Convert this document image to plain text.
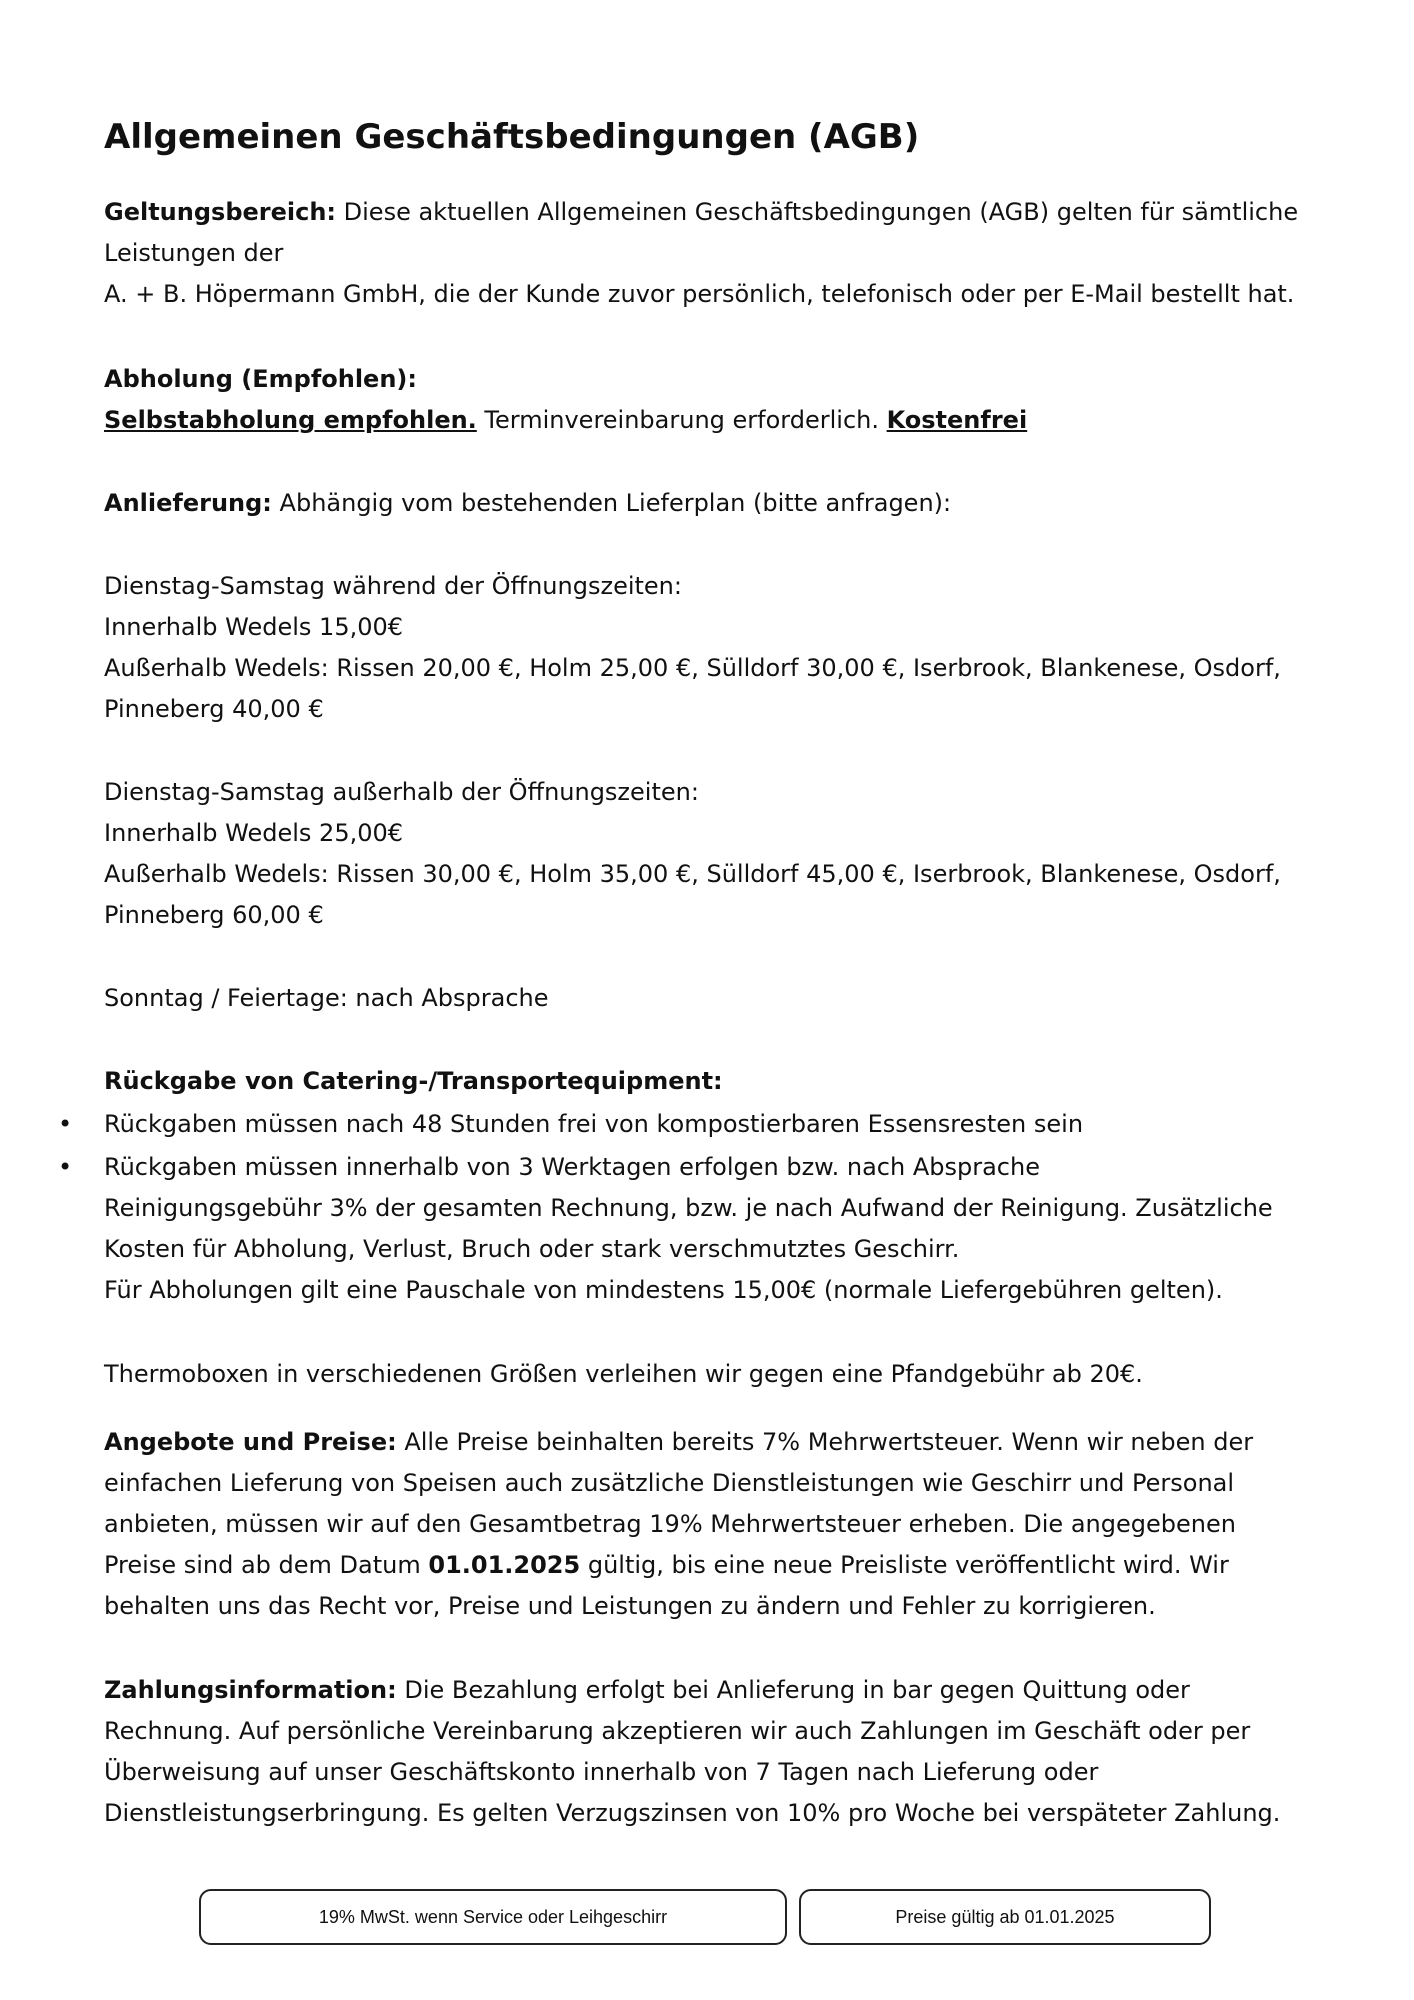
Allgemeinen Geschäftsbedingungen (AGB)

Geltungsbereich: Diese aktuellen Allgemeinen Geschäftsbedingungen (AGB) gelten für sämtliche

Leistungen der

A. + B. Höpermann GmbH, die der Kunde zuvor persönlich, telefonisch oder per E-Mail bestellt hat.

Abholung (Empfohlen):

Selbstabholung empfohlen. Terminvereinbarung erforderlich. Kostenfrei

Anlieferung: Abhängig vom bestehenden Lieferplan (bitte anfragen):

Dienstag-Samstag während der Öffnungszeiten:

Innerhalb Wedels 15,00€

Außerhalb Wedels: Rissen 20,00 €, Holm 25,00 €, Sülldorf 30,00 €, Iserbrook, Blankenese, Osdorf,

Pinneberg 40,00 €

Dienstag-Samstag außerhalb der Öffnungszeiten:

Innerhalb Wedels 25,00€

Außerhalb Wedels: Rissen 30,00 €, Holm 35,00 €, Sülldorf 45,00 €, Iserbrook, Blankenese, Osdorf,

Pinneberg 60,00 €

Sonntag / Feiertage: nach Absprache

Rückgabe von Catering-/Transportequipment:

• Rückgaben müssen nach 48 Stunden frei von kompostierbaren Essensresten sein

• Rückgaben müssen innerhalb von 3 Werktagen erfolgen bzw. nach Absprache

Reinigungsgebühr 3% der gesamten Rechnung, bzw. je nach Aufwand der Reinigung. Zusätzliche

Kosten für Abholung, Verlust, Bruch oder stark verschmutztes Geschirr.

Für Abholungen gilt eine Pauschale von mindestens 15,00€ (normale Liefergebühren gelten).

Thermoboxen in verschiedenen Größen verleihen wir gegen eine Pfandgebühr ab 20€.

Angebote und Preise: Alle Preise beinhalten bereits 7% Mehrwertsteuer. Wenn wir neben der

einfachen Lieferung von Speisen auch zusätzliche Dienstleistungen wie Geschirr und Personal

anbieten, müssen wir auf den Gesamtbetrag 19% Mehrwertsteuer erheben. Die angegebenen

Preise sind ab dem Datum 01.01.2025 gültig, bis eine neue Preisliste veröffentlicht wird. Wir

behalten uns das Recht vor, Preise und Leistungen zu ändern und Fehler zu korrigieren.

Zahlungsinformation: Die Bezahlung erfolgt bei Anlieferung in bar gegen Quittung oder

Rechnung. Auf persönliche Vereinbarung akzeptieren wir auch Zahlungen im Geschäft oder per

Überweisung auf unser Geschäftskonto innerhalb von 7 Tagen nach Lieferung oder

Dienstleistungserbringung. Es gelten Verzugszinsen von 10% pro Woche bei verspäteter Zahlung.

19% MwSt. wenn Service oder Leihgeschirr	Preise gültig ab 01.01.2025
